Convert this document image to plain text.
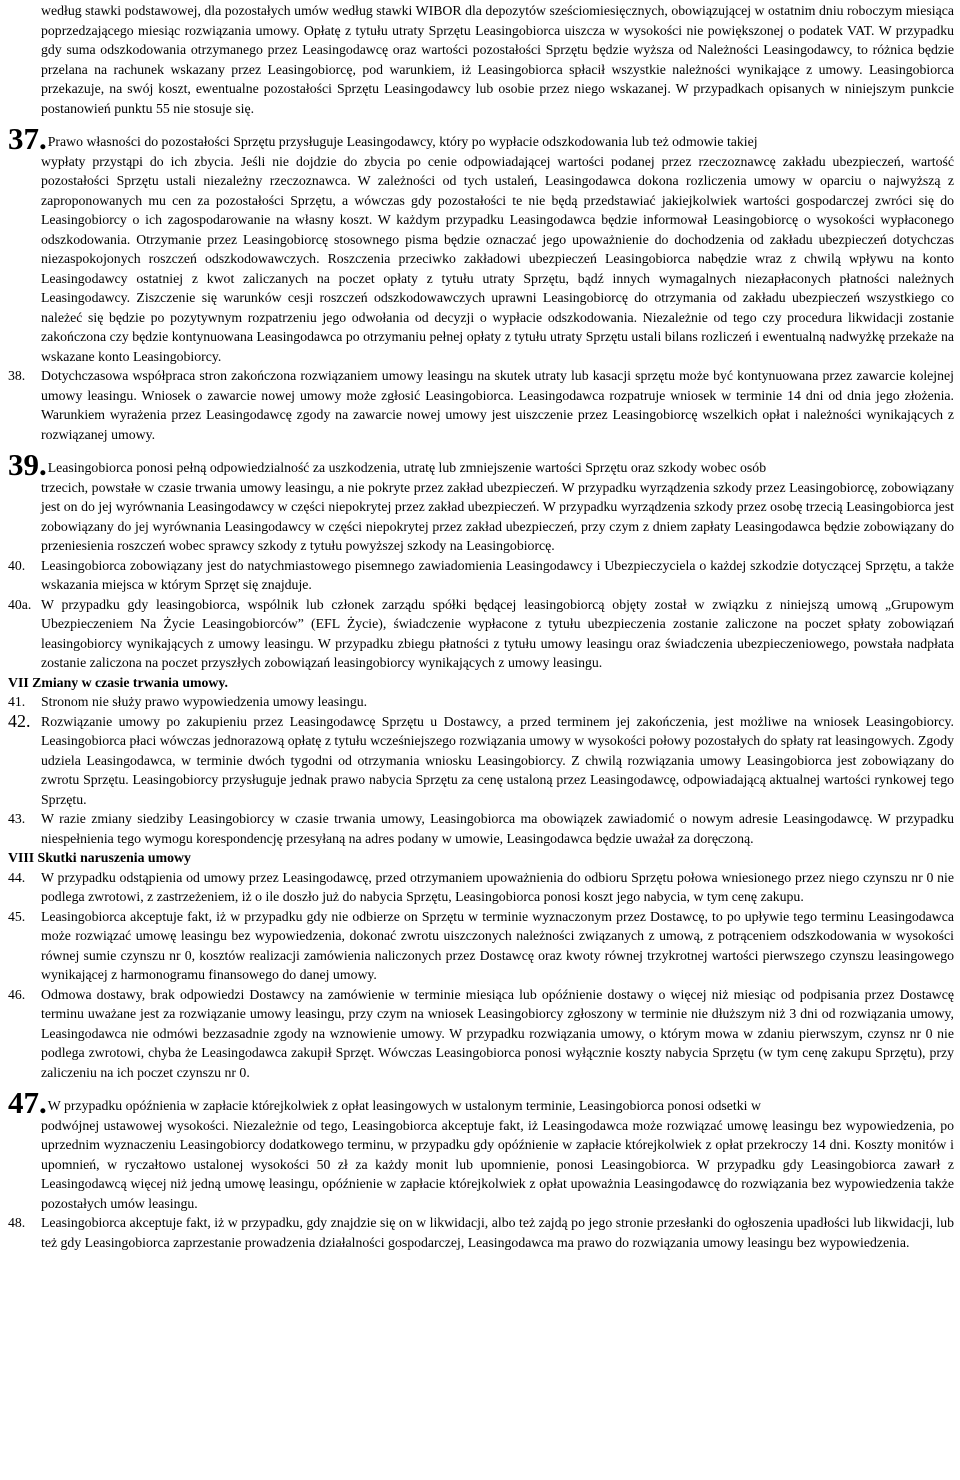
według stawki podstawowej, dla pozostałych umów według stawki WIBOR dla depozytów sześciomiesięcznych, obowiązującej w ostatnim dniu roboczym miesiąca poprzedzającego miesiąc rozwiązania umowy. Opłatę z tytułu utraty Sprzętu Leasingobiorca uiszcza w wysokości nie powiększonej o podatek VAT. W przypadku gdy suma odszkodowania otrzymanego przez Leasingodawcę oraz wartości pozostałości Sprzętu będzie wyższa od Należności Leasingodawcy, to różnica będzie przelana na rachunek wskazany przez Leasingobiorcę, pod warunkiem, iż Leasingobiorca spłacił wszystkie należności wynikające z umowy. Leasingobiorca przekazuje, na swój koszt, ewentualne pozostałości Sprzętu Leasingodawcy lub osobie przez niego wskazanej. W przypadkach opisanych w niniejszym punkcie postanowień punktu 55 nie stosuje się.

37.Prawo własności do pozostałości Sprzętu przysługuje Leasingodawcy, który po wypłacie odszkodowania lub też odmowie takiej
wypłaty przystąpi do ich zbycia. Jeśli nie dojdzie do zbycia po cenie odpowiadającej wartości podanej przez rzeczoznawcę zakładu ubezpieczeń, wartość pozostałości Sprzętu ustali niezależny rzeczoznawca. W zależności od tych ustaleń, Leasingodawca dokona rozliczenia umowy w oparciu o najwyższą z zaproponowanych mu cen za pozostałości Sprzętu, a wówczas gdy pozostałości te nie będą przedstawiać jakiejkolwiek wartości gospodarczej zwróci się do Leasingobiorcy o ich zagospodarowanie na własny koszt. W każdym przypadku Leasingodawca będzie informował Leasingobiorcę o wysokości wypłaconego odszkodowania. Otrzymanie przez Leasingobiorcę stosownego pisma będzie oznaczać jego upoważnienie do dochodzenia od zakładu ubezpieczeń dotychczas niezaspokojonych roszczeń odszkodowawczych. Roszczenia przeciwko zakładowi ubezpieczeń Leasingobiorca nabędzie wraz z chwilą wpływu na konto Leasingodawcy ostatniej z kwot zaliczanych na poczet opłaty z tytułu utraty Sprzętu, bądź innych wymagalnych niezapłaconych płatności należnych Leasingodawcy. Ziszczenie się warunków cesji roszczeń odszkodowawczych uprawni Leasingobiorcę do otrzymania od zakładu ubezpieczeń wszystkiego co należeć się będzie po pozytywnym rozpatrzeniu jego odwołania od decyzji o wypłacie odszkodowania. Niezależnie od tego czy procedura likwidacji zostanie zakończona czy będzie kontynuowana Leasingodawca po otrzymaniu pełnej opłaty z tytułu utraty Sprzętu ustali bilans rozliczeń i ewentualną nadwyżkę przekaże na wskazane konto Leasingobiorcy.

38. Dotychczasowa współpraca stron zakończona rozwiązaniem umowy leasingu na skutek utraty lub kasacji sprzętu może być kontynuowana przez zawarcie kolejnej umowy leasingu. Wniosek o zawarcie nowej umowy może zgłosić Leasingobiorca. Leasingodawca rozpatruje wniosek w terminie 14 dni od dnia jego złożenia. Warunkiem wyrażenia przez Leasingodawcę zgody na zawarcie nowej umowy jest uiszczenie przez Leasingobiorcę wszelkich opłat i należności wynikających z rozwiązanej umowy.

39.Leasingobiorca ponosi pełną odpowiedzialność za uszkodzenia, utratę lub zmniejszenie wartości Sprzętu oraz szkody wobec osób
trzecich, powstałe w czasie trwania umowy leasingu, a nie pokryte przez zakład ubezpieczeń. W przypadku wyrządzenia szkody przez Leasingobiorcę, zobowiązany jest on do jej wyrównania Leasingodawcy w części niepokrytej przez zakład ubezpieczeń. W przypadku wyrządzenia szkody przez osobę trzecią Leasingobiorca jest zobowiązany do jej wyrównania Leasingodawcy w części niepokrytej przez zakład ubezpieczeń, przy czym z dniem zapłaty Leasingodawca będzie zobowiązany do przeniesienia roszczeń wobec sprawcy szkody z tytułu powyższej szkody na Leasingobiorcę.

40. Leasingobiorca zobowiązany jest do natychmiastowego pisemnego zawiadomienia Leasingodawcy i Ubezpieczyciela o każdej szkodzie dotyczącej Sprzętu, a także wskazania miejsca w którym Sprzęt się znajduje.

40a. W przypadku gdy leasingobiorca, wspólnik lub członek zarządu spółki będącej leasingobiorcą objęty został w związku z niniejszą umową „Grupowym Ubezpieczeniem Na Życie Leasingobiorców” (EFL Życie), świadczenie wypłacone z tytułu ubezpieczenia zostanie zaliczone na poczet spłaty zobowiązań leasingobiorcy wynikających z umowy leasingu. W przypadku zbiegu płatności z tytułu umowy leasingu oraz świadczenia ubezpieczeniowego, powstała nadpłata zostanie zaliczona na poczet przyszłych zobowiązań leasingobiorcy wynikających z umowy leasingu.

VII Zmiany w czasie trwania umowy.

41. Stronom nie służy prawo wypowiedzenia umowy leasingu.

42. Rozwiązanie umowy po zakupieniu przez Leasingodawcę Sprzętu u Dostawcy, a przed terminem jej zakończenia, jest możliwe na wniosek Leasingobiorcy. Leasingobiorca płaci wówczas jednorazową opłatę z tytułu wcześniejszego rozwiązania umowy w wysokości połowy pozostałych do spłaty rat leasingowych. Zgody udziela Leasingodawca, w terminie dwóch tygodni od otrzymania wniosku Leasingobiorcy. Z chwilą rozwiązania umowy Leasingobiorca jest zobowiązany do zwrotu Sprzętu. Leasingobiorcy przysługuje jednak prawo nabycia Sprzętu za cenę ustaloną przez Leasingodawcę, odpowiadającą aktualnej wartości rynkowej tego Sprzętu.

43. W razie zmiany siedziby Leasingobiorcy w czasie trwania umowy, Leasingobiorca ma obowiązek zawiadomić o nowym adresie Leasingodawcę. W przypadku niespełnienia tego wymogu korespondencję przesyłaną na adres podany w umowie, Leasingodawca będzie uważał za doręczoną.

VIII Skutki naruszenia umowy

44. W przypadku odstąpienia od umowy przez Leasingodawcę, przed otrzymaniem upoważnienia do odbioru Sprzętu połowa wniesionego przez niego czynszu nr 0 nie podlega zwrotowi, z zastrzeżeniem, iż o ile doszło już do nabycia Sprzętu, Leasingobiorca ponosi koszt jego nabycia, w tym cenę zakupu.

45. Leasingobiorca akceptuje fakt, iż w przypadku gdy nie odbierze on Sprzętu w terminie wyznaczonym przez Dostawcę, to po upływie tego terminu Leasingodawca może rozwiązać umowę leasingu bez wypowiedzenia, dokonać zwrotu uiszczonych należności związanych z umową, z potrąceniem odszkodowania w wysokości równej sumie czynszu nr 0, kosztów realizacji zamówienia naliczonych przez Dostawcę oraz kwoty równej trzykrotnej wartości pierwszego czynszu leasingowego wynikającej z harmonogramu finansowego do danej umowy.

46. Odmowa dostawy, brak odpowiedzi Dostawcy na zamówienie w terminie miesiąca lub opóźnienie dostawy o więcej niż miesiąc od podpisania przez Dostawcę terminu uważane jest za rozwiązanie umowy leasingu, przy czym na wniosek Leasingobiorcy zgłoszony w terminie nie dłuższym niż 3 dni od rozwiązania umowy, Leasingodawca nie odmówi bezzasadnie zgody na wznowienie umowy. W przypadku rozwiązania umowy, o którym mowa w zdaniu pierwszym, czynsz nr 0 nie podlega zwrotowi, chyba że Leasingodawca zakupił Sprzęt. Wówczas Leasingobiorca ponosi wyłącznie koszty nabycia Sprzętu (w tym cenę zakupu Sprzętu), przy zaliczeniu na ich poczet czynszu nr 0.

47.W przypadku opóźnienia w zapłacie którejkolwiek z opłat leasingowych w ustalonym terminie, Leasingobiorca ponosi odsetki w
podwójnej ustawowej wysokości. Niezależnie od tego, Leasingobiorca akceptuje fakt, iż Leasingodawca może rozwiązać umowę leasingu bez wypowiedzenia, po uprzednim wyznaczeniu Leasingobiorcy dodatkowego terminu, w przypadku gdy opóźnienie w zapłacie którejkolwiek z opłat przekroczy 14 dni. Koszty monitów i upomnień, w ryczałtowo ustalonej wysokości 50 zł za każdy monit lub upomnienie, ponosi Leasingobiorca. W przypadku gdy Leasingobiorca zawarł z Leasingodawcą więcej niż jedną umowę leasingu, opóźnienie w zapłacie którejkolwiek z opłat upoważnia Leasingodawcę do rozwiązania bez wypowiedzenia także pozostałych umów leasingu.

48. Leasingobiorca akceptuje fakt, iż w przypadku, gdy znajdzie się on w likwidacji, albo też zajdą po jego stronie przesłanki do ogłoszenia upadłości lub likwidacji, lub też gdy Leasingobiorca zaprzestanie prowadzenia działalności gospodarczej, Leasingodawca ma prawo do rozwiązania umowy leasingu bez wypowiedzenia.
